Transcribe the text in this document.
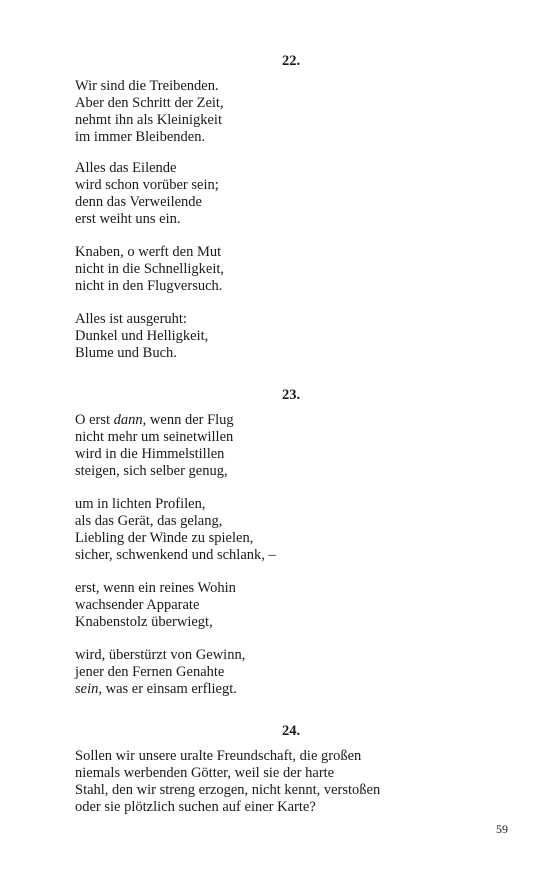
22.
Wir sind die Treibenden.
Aber den Schritt der Zeit,
nehmt ihn als Kleinigkeit
im immer Bleibenden.
Alles das Eilende
wird schon vorüber sein;
denn das Verweilende
erst weiht uns ein.
Knaben, o werft den Mut
nicht in die Schnelligkeit,
nicht in den Flugversuch.
Alles ist ausgeruht:
Dunkel und Helligkeit,
Blume und Buch.
23.
O erst dann, wenn der Flug
nicht mehr um seinetwillen
wird in die Himmelstillen
steigen, sich selber genug,
um in lichten Profilen,
als das Gerät, das gelang,
Liebling der Winde zu spielen,
sicher, schwenkend und schlank, –
erst, wenn ein reines Wohin
wachsender Apparate
Knabenstolz überwiegt,
wird, überstürzt von Gewinn,
jener den Fernen Genahte
sein, was er einsam erfliegt.
24.
Sollen wir unsere uralte Freundschaft, die großen
niemals werbenden Götter, weil sie der harte
Stahl, den wir streng erzogen, nicht kennt, verstoßen
oder sie plötzlich suchen auf einer Karte?
59
